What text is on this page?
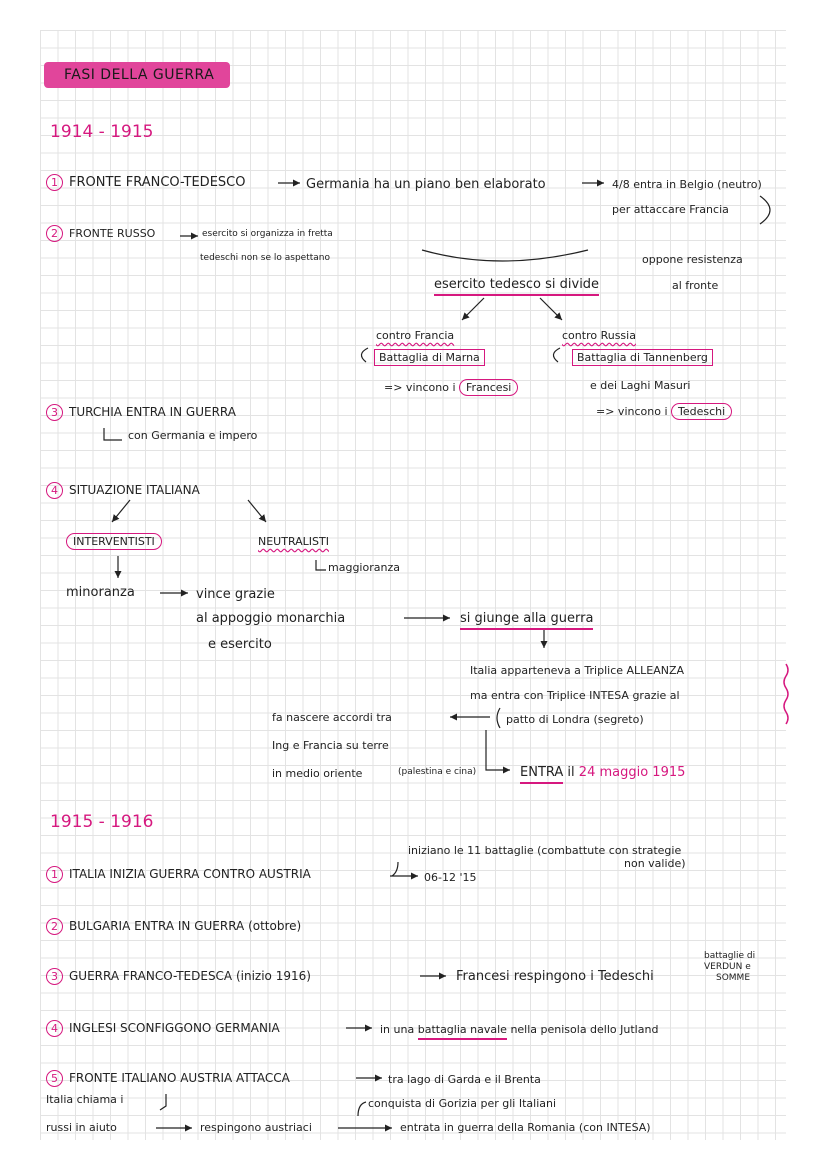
FASI DELLA GUERRA
1914 - 1915
1 FRONTE FRANCO-TEDESCO	Germania ha un piano ben elaborato	4/8 entra in Belgio (neutro)
per attaccare Francia
oppone resistenza
al fronte
2 FRONTE RUSSO	esercito si organizza in fretta
tedeschi non se lo aspettano
esercito tedesco si divide
contro Francia
Battaglia di Marna
=> vincono i Francesi
contro Russia
Battaglia di Tannenberg
e dei Laghi Masuri
=> vincono i Tedeschi
3 TURCHIA ENTRA IN GUERRA
con Germania e impero
4 SITUAZIONE ITALIANA
INTERVENTISTI	NEUTRALISTI
maggioranza
minoranza	vince grazie
al appoggio monarchia
e esercito
si giunge alla guerra
Italia apparteneva a Triplice ALLEANZA
ma entra con Triplice INTESA grazie al
patto di Londra (segreto)
fa nascere accordi tra
Ing e Francia su terre
in medio oriente	(palestina e cina)	ENTRA il 24 maggio 1915
1915 - 1916
iniziano le 11 battaglie (combattute con strategie
non valide)
1 ITALIA INIZIA GUERRA CONTRO AUSTRIA	06-12 '15
2 BULGARIA ENTRA IN GUERRA (ottobre)
3 GUERRA FRANCO-TEDESCA (inizio 1916)	Francesi respingono i Tedeschi
battaglie di
VERDUN e
SOMME
4 INGLESI SCONFIGGONO GERMANIA	in una battaglia navale nella penisola dello Jutland
5 FRONTE ITALIANO AUSTRIA ATTACCA	tra lago di Garda e il Brenta
Italia chiama i	conquista di Gorizia per gli Italiani
russi in aiuto	respingono austriaci	entrata in guerra della Romania (con INTESA)
